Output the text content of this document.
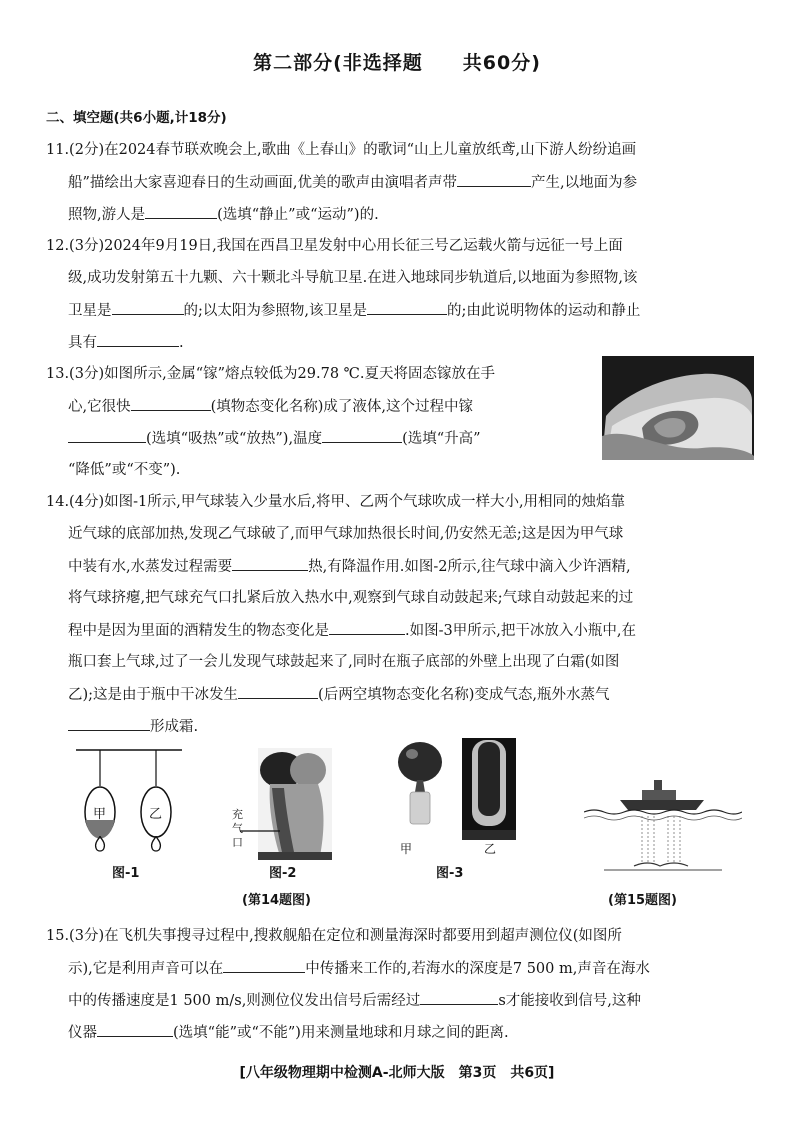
第二部分(非选择题　　共60分)
二、填空题(共6小题,计18分)
11.(2分)在2024春节联欢晚会上,歌曲《上春山》的歌词“山上儿童放纸鸢,山下游人纷纷追画
船”描绘出大家喜迎春日的生动画面,优美的歌声由演唱者声带	产生,以地面为参
照物,游人是	(选填“静止”或“运动”)的.
12.(3分)2024年9月19日,我国在西昌卫星发射中心用长征三号乙运载火箭与远征一号上面
级,成功发射第五十九颗、六十颗北斗导航卫星.在进入地球同步轨道后,以地面为参照物,该
卫星是	的;以太阳为参照物,该卫星是	的;由此说明物体的运动和静止
具有	.
13.(3分)如图所示,金属“镓”熔点较低为29.78 ℃.夏天将固态镓放在手
心,它很快	(填物态变化名称)成了液体,这个过程中镓
(选填“吸热”或“放热”),温度	(选填“升高”
“降低”或“不变”).
14.(4分)如图-1所示,甲气球装入少量水后,将甲、乙两个气球吹成一样大小,用相同的烛焰靠
近气球的底部加热,发现乙气球破了,而甲气球加热很长时间,仍安然无恙;这是因为甲气球
中装有水,水蒸发过程需要	热,有降温作用.如图-2所示,往气球中滴入少许酒精,
将气球挤瘪,把气球充气口扎紧后放入热水中,观察到气球自动鼓起来;气球自动鼓起来的过
程中是因为里面的酒精发生的物态变化是	.如图-3甲所示,把干冰放入小瓶中,在
瓶口套上气球,过了一会儿发现气球鼓起来了,同时在瓶子底部的外壁上出现了白霜(如图
乙);这是由于瓶中干冰发生	(后两空填物态变化名称)变成气态,瓶外水蒸气
形成霜.
甲	乙
图-1
充
气
口
图-2
甲	乙
图-3
(第14题图)	(第15题图)
15.(3分)在飞机失事搜寻过程中,搜救舰船在定位和测量海深时都要用到超声测位仪(如图所
示),它是利用声音可以在	中传播来工作的,若海水的深度是7 500 m,声音在海水
中的传播速度是1 500 m/s,则测位仪发出信号后需经过	s才能接收到信号,这种
仪器	(选填“能”或“不能”)用来测量地球和月球之间的距离.
[八年级物理期中检测A-北师大版　第3页　共6页]
